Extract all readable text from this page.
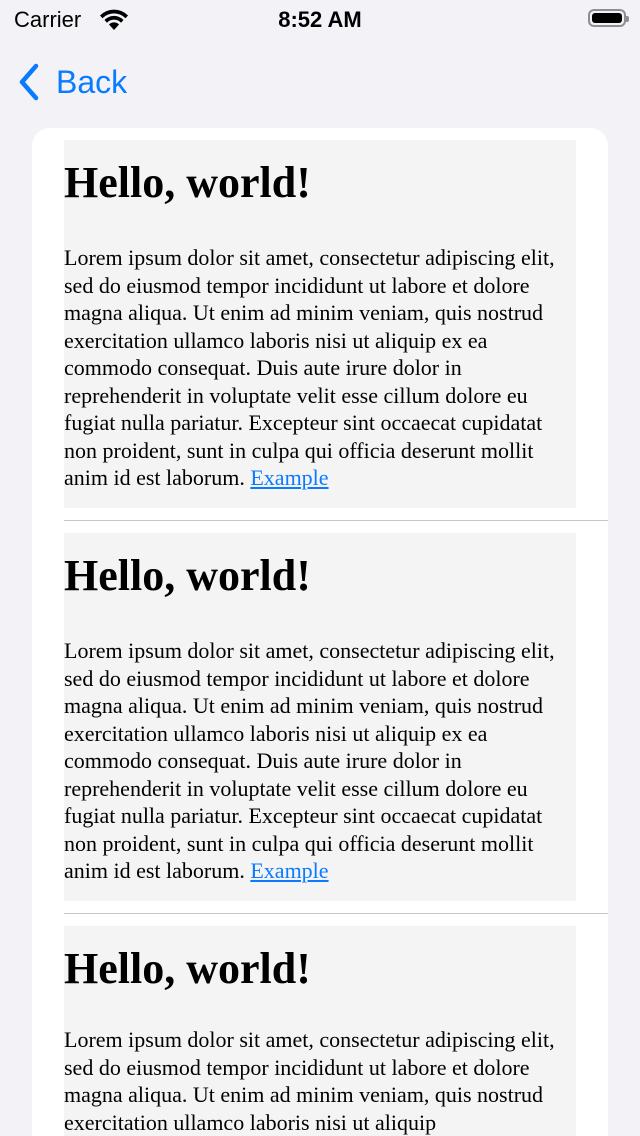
Carrier	8:52 AM
Back
Hello, world!

Lorem ipsum dolor sit amet, consectetur adipiscing elit, sed do eiusmod tempor incididunt ut labore et dolore magna aliqua. Ut enim ad minim veniam, quis nostrud exercitation ullamco laboris nisi ut aliquip ex ea commodo consequat. Duis aute irure dolor in reprehenderit in voluptate velit esse cillum dolore eu fugiat nulla pariatur. Excepteur sint occaecat cupidatat non proident, sunt in culpa qui officia deserunt mollit anim id est laborum. Example

Hello, world!

Lorem ipsum dolor sit amet, consectetur adipiscing elit, sed do eiusmod tempor incididunt ut labore et dolore magna aliqua. Ut enim ad minim veniam, quis nostrud exercitation ullamco laboris nisi ut aliquip ex ea commodo consequat. Duis aute irure dolor in reprehenderit in voluptate velit esse cillum dolore eu fugiat nulla pariatur. Excepteur sint occaecat cupidatat non proident, sunt in culpa qui officia deserunt mollit anim id est laborum. Example

Hello, world!

Lorem ipsum dolor sit amet, consectetur adipiscing elit, sed do eiusmod tempor incididunt ut labore et dolore magna aliqua. Ut enim ad minim veniam, quis nostrud exercitation ullamco laboris nisi ut aliquip
